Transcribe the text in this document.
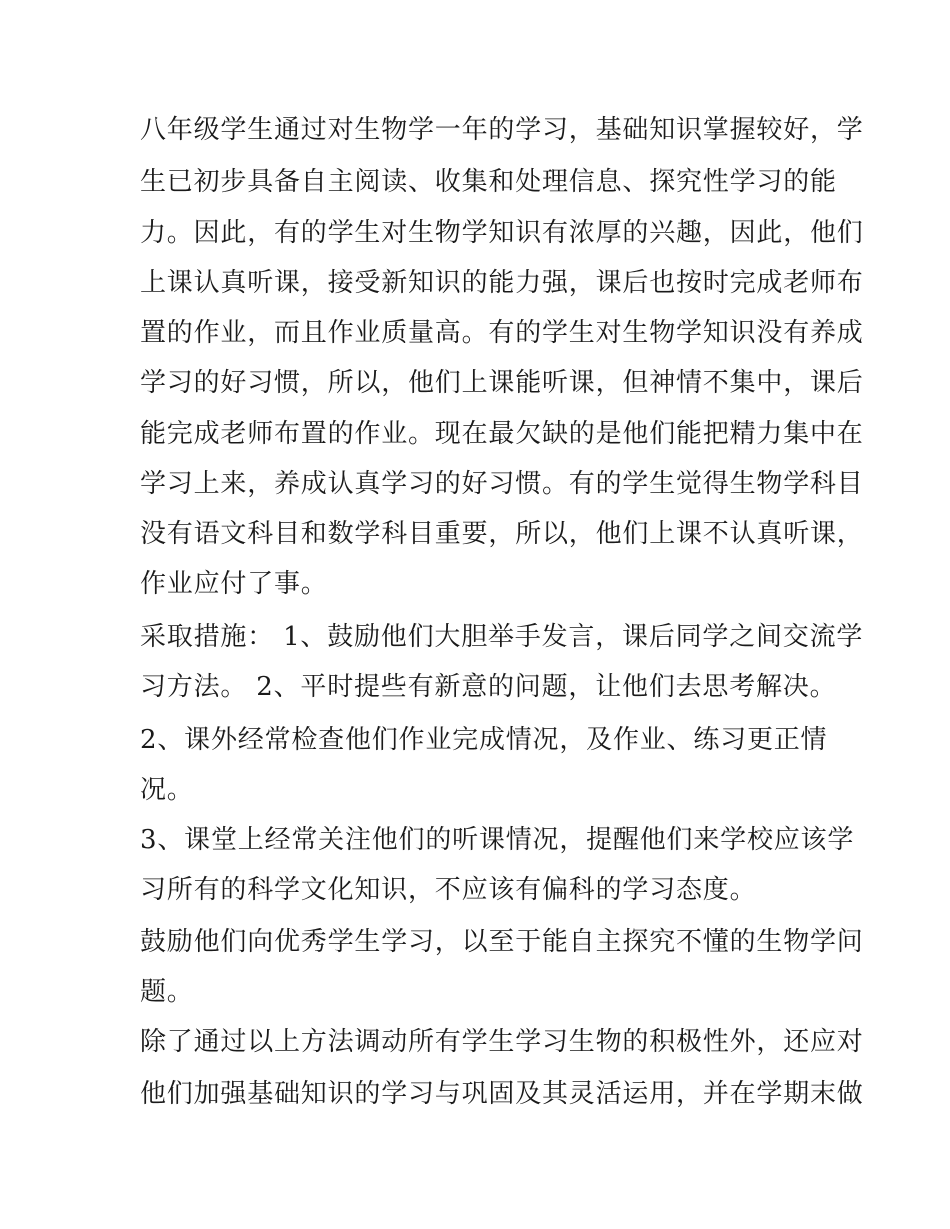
八年级学生通过对生物学一年的学习，基础知识掌握较好，学
生已初步具备自主阅读、收集和处理信息、探究性学习的能
力。因此，有的学生对生物学知识有浓厚的兴趣，因此，他们
上课认真听课，接受新知识的能力强，课后也按时完成老师布
置的作业，而且作业质量高。有的学生对生物学知识没有养成
学习的好习惯，所以，他们上课能听课，但神情不集中，课后
能完成老师布置的作业。现在最欠缺的是他们能把精力集中在
学习上来，养成认真学习的好习惯。有的学生觉得生物学科目
没有语文科目和数学科目重要，所以，他们上课不认真听课，
作业应付了事。
采取措施： 1、鼓励他们大胆举手发言，课后同学之间交流学
习方法。 2、平时提些有新意的问题，让他们去思考解决。
2、课外经常检查他们作业完成情况，及作业、练习更正情
况。
3、课堂上经常关注他们的听课情况，提醒他们来学校应该学
习所有的科学文化知识，不应该有偏科的学习态度。
鼓励他们向优秀学生学习，以至于能自主探究不懂的生物学问
题。
除了通过以上方法调动所有学生学习生物的积极性外，还应对
他们加强基础知识的学习与巩固及其灵活运用，并在学期末做
